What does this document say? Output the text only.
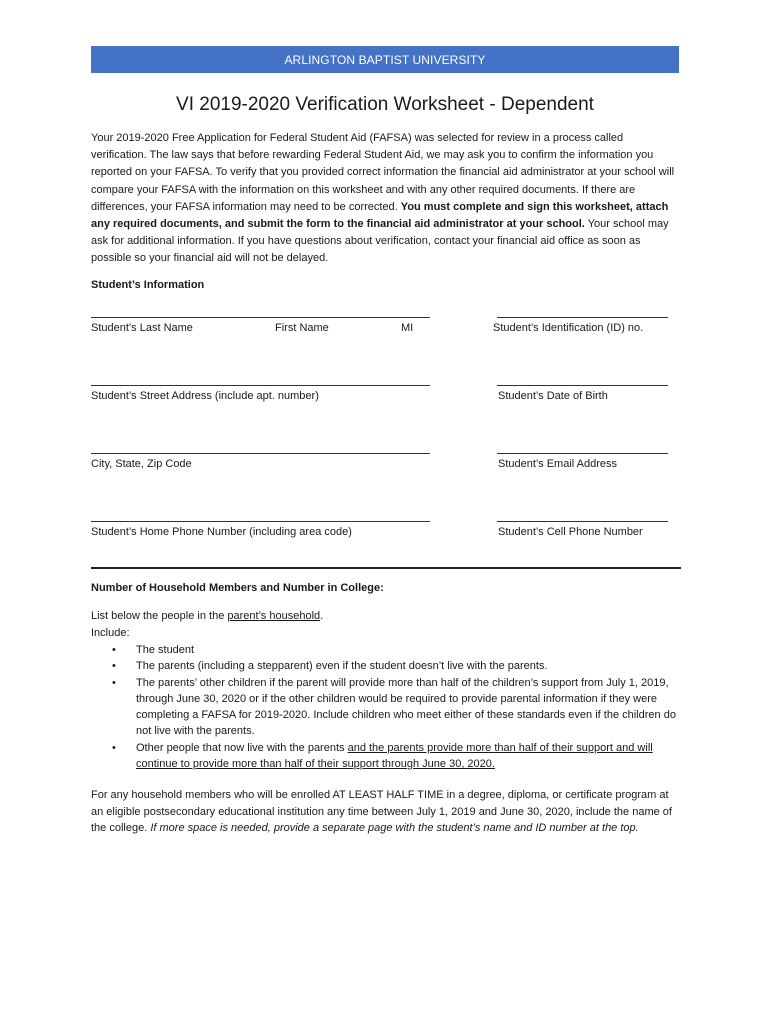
ARLINGTON BAPTIST UNIVERSITY
VI 2019-2020 Verification Worksheet - Dependent
Your 2019-2020 Free Application for Federal Student Aid (FAFSA) was selected for review in a process called verification. The law says that before rewarding Federal Student Aid, we may ask you to confirm the information you reported on your FAFSA. To verify that you provided correct information the financial aid administrator at your school will compare your FAFSA with the information on this worksheet and with any other required documents. If there are differences, your FAFSA information may need to be corrected. You must complete and sign this worksheet, attach any required documents, and submit the form to the financial aid administrator at your school. Your school may ask for additional information. If you have questions about verification, contact your financial aid office as soon as possible so your financial aid will not be delayed.
Student’s Information
Student’s Last Name	First Name	MI	Student’s Identification (ID) no.
Student’s Street Address (include apt. number)	Student’s Date of Birth
City, State, Zip Code	Student’s Email Address
Student’s Home Phone Number (including area code)	Student’s Cell Phone Number
Number of Household Members and Number in College:
List below the people in the parent’s household.
Include:
• The student
• The parents (including a stepparent) even if the student doesn’t live with the parents.
• The parents’ other children if the parent will provide more than half of the children’s support from July 1, 2019, through June 30, 2020 or if the other children would be required to provide parental information if they were completing a FAFSA for 2019-2020. Include children who meet either of these standards even if the children do not live with the parents.
• Other people that now live with the parents and the parents provide more than half of their support and will continue to provide more than half of their support through June 30, 2020.
For any household members who will be enrolled AT LEAST HALF TIME in a degree, diploma, or certificate program at an eligible postsecondary educational institution any time between July 1, 2019 and June 30, 2020, include the name of the college. If more space is needed, provide a separate page with the student’s name and ID number at the top.
